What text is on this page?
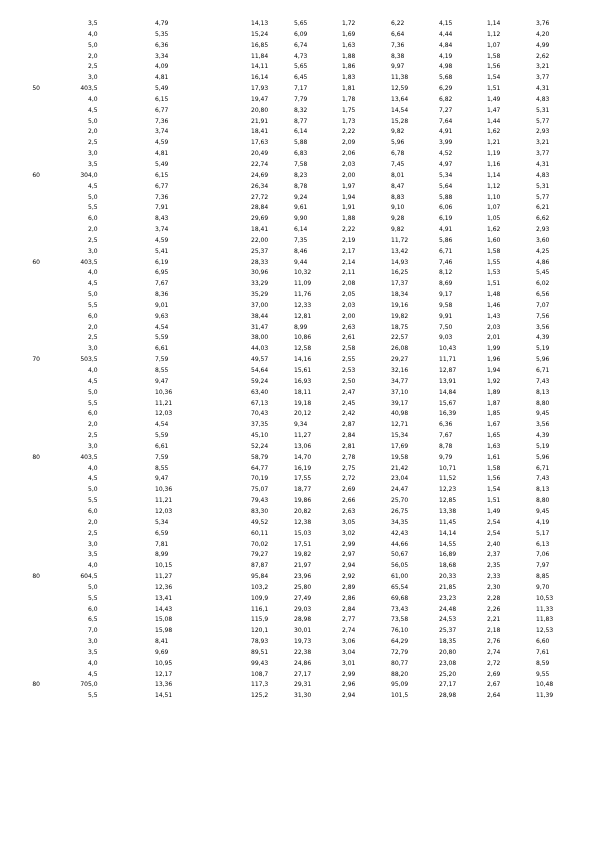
			3,5	4,79	14,13	5,65	1,72	6,22	4,15	1,14	3,76
			4,0	5,35	15,24	6,09	1,69	6,64	4,44	1,12	4,20
			5,0	6,36	16,85	6,74	1,63	7,36	4,84	1,07	4,99
			2,0	3,34	11,84	4,73	1,88	8,38	4,19	1,58	2,62
			2,5	4,09	14,11	5,65	1,86	9,97	4,98	1,56	3,21
			3,0	4,81	16,14	6,45	1,83	11,38	5,68	1,54	3,77
	50	40	3,5	5,49	17,93	7,17	1,81	12,59	6,29	1,51	4,31
			4,0	6,15	19,47	7,79	1,78	13,64	6,82	1,49	4,83
			4,5	6,77	20,80	8,32	1,75	14,54	7,27	1,47	5,31
			5,0	7,36	21,91	8,77	1,73	15,28	7,64	1,44	5,77
			2,0	3,74	18,41	6,14	2,22	9,82	4,91	1,62	2,93
			2,5	4,59	17,63	5,88	2,09	5,96	3,99	1,21	3,21
			3,0	4,81	20,49	6,83	2,06	6,78	4,52	1,19	3,77
			3,5	5,49	22,74	7,58	2,03	7,45	4,97	1,16	4,31
	60	30	4,0	6,15	24,69	8,23	2,00	8,01	5,34	1,14	4,83
			4,5	6,77	26,34	8,78	1,97	8,47	5,64	1,12	5,31
			5,0	7,36	27,72	9,24	1,94	8,83	5,88	1,10	5,77
			5,5	7,91	28,84	9,61	1,91	9,10	6,06	1,07	6,21
			6,0	8,43	29,69	9,90	1,88	9,28	6,19	1,05	6,62
			2,0	3,74	18,41	6,14	2,22	9,82	4,91	1,62	2,93
			2,5	4,59	22,00	7,35	2,19	11,72	5,86	1,60	3,60
			3,0	5,41	25,37	8,46	2,17	13,42	6,71	1,58	4,25
	60	40	3,5	6,19	28,33	9,44	2,14	14,93	7,46	1,55	4,86
			4,0	6,95	30,96	10,32	2,11	16,25	8,12	1,53	5,45
			4,5	7,67	33,29	11,09	2,08	17,37	8,69	1,51	6,02
			5,0	8,36	35,29	11,76	2,05	18,34	9,17	1,48	6,56
			5,5	9,01	37,00	12,33	2,03	19,16	9,58	1,46	7,07
			6,0	9,63	38,44	12,81	2,00	19,82	9,91	1,43	7,56
			2,0	4,54	31,47	8,99	2,63	18,75	7,50	2,03	3,56
			2,5	5,59	38,00	10,86	2,61	22,57	9,03	2,01	4,39
			3,0	6,61	44,03	12,58	2,58	26,08	10,43	1,99	5,19
	70	50	3,5	7,59	49,57	14,16	2,55	29,27	11,71	1,96	5,96
			4,0	8,55	54,64	15,61	2,53	32,16	12,87	1,94	6,71
			4,5	9,47	59,24	16,93	2,50	34,77	13,91	1,92	7,43
			5,0	10,36	63,40	18,11	2,47	37,10	14,84	1,89	8,13
			5,5	11,21	67,13	19,18	2,45	39,17	15,67	1,87	8,80
			6,0	12,03	70,43	20,12	2,42	40,98	16,39	1,85	9,45
			2,0	4,54	37,35	9,34	2,87	12,71	6,36	1,67	3,56
			2,5	5,59	45,10	11,27	2,84	15,34	7,67	1,65	4,39
			3,0	6,61	52,24	13,06	2,81	17,69	8,78	1,63	5,19
	80	40	3,5	7,59	58,79	14,70	2,78	19,58	9,79	1,61	5,96
			4,0	8,55	64,77	16,19	2,75	21,42	10,71	1,58	6,71
			4,5	9,47	70,19	17,55	2,72	23,04	11,52	1,56	7,43
			5,0	10,36	75,07	18,77	2,69	24,47	12,23	1,54	8,13
			5,5	11,21	79,43	19,86	2,66	25,70	12,85	1,51	8,80
			6,0	12,03	83,30	20,82	2,63	26,75	13,38	1,49	9,45
			2,0	5,34	49,52	12,38	3,05	34,35	11,45	2,54	4,19
			2,5	6,59	60,11	15,03	3,02	42,43	14,14	2,54	5,17
			3,0	7,81	70,02	17,51	2,99	44,66	14,55	2,40	6,13
			3,5	8,99	79,27	19,82	2,97	50,67	16,89	2,37	7,06
			4,0	10,15	87,87	21,97	2,94	56,05	18,68	2,35	7,97
	80	60	4,5	11,27	95,84	23,96	2,92	61,00	20,33	2,33	8,85
			5,0	12,36	103,2	25,80	2,89	65,54	21,85	2,30	9,70
			5,5	13,41	109,9	27,49	2,86	69,68	23,23	2,28	10,53
			6,0	14,43	116,1	29,03	2,84	73,43	24,48	2,26	11,33
			6,5	15,08	115,9	28,98	2,77	73,58	24,53	2,21	11,83
			7,0	15,98	120,1	30,01	2,74	76,10	25,37	2,18	12,53
			3,0	8,41	78,93	19,73	3,06	64,29	18,35	2,76	6,60
			3,5	9,69	89,51	22,38	3,04	72,79	20,80	2,74	7,61
			4,0	10,95	99,43	24,86	3,01	80,77	23,08	2,72	8,59
			4,5	12,17	108,7	27,17	2,99	88,20	25,20	2,69	9,55
	80	70	5,0	13,36	117,3	29,31	2,96	95,09	27,17	2,67	10,48
			5,5	14,51	125,2	31,30	2,94	101,5	28,98	2,64	11,39
